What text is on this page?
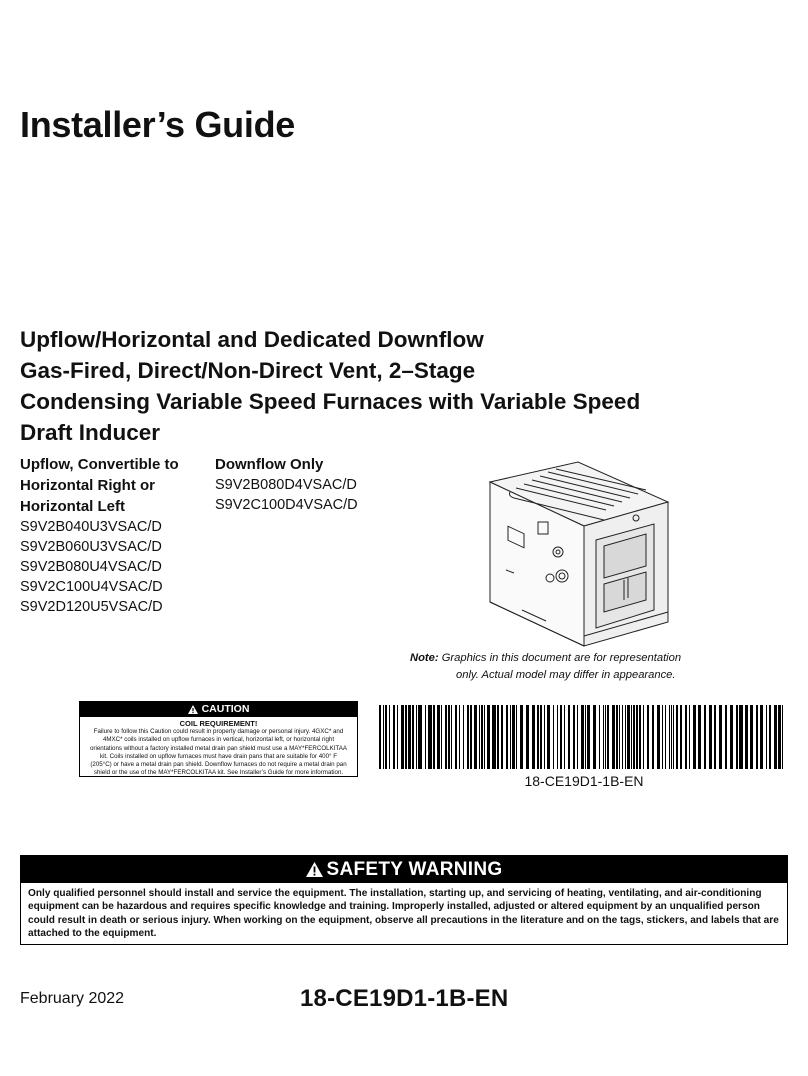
Installer’s Guide
Upflow/Horizontal and Dedicated Downflow
Gas-Fired, Direct/Non-Direct Vent, 2–Stage
Condensing Variable Speed Furnaces with Variable Speed
Draft Inducer
Upflow, Convertible to
Horizontal Right or
Horizontal Left
S9V2B040U3VSAC/D
S9V2B060U3VSAC/D
S9V2B080U4VSAC/D
S9V2C100U4VSAC/D
S9V2D120U5VSAC/D
Downflow Only
S9V2B080D4VSAC/D
S9V2C100D4VSAC/D
Note: Graphics in this document are for representation
only. Actual model may differ in appearance.
CAUTION
COIL REQUIREMENT!
Failure to follow this Caution could result in property damage or personal injury. 4GXC* and
4MXC* coils installed on upflow furnaces in vertical, horizontal left, or horizontal right
orientations without a factory installed metal drain pan shield must use a MAY*FERCOLKITAA
kit. Coils installed on upflow furnaces must have drain pans that are suitable for 400° F
(205°C) or have a metal drain pan shield. Downflow furnaces do not require a metal drain pan
shield or the use of the MAY*FERCOLKITAA kit. See Installer’s Guide for more information.
18-CE19D1-1B-EN
SAFETY WARNING
Only qualified personnel should install and service the equipment. The installation, starting up, and servicing of heating, ventilating, and air-conditioning equipment can be hazardous and requires specific knowledge and training. Improperly installed, adjusted or altered equipment by an unqualified person could result in death or serious injury. When working on the equipment, observe all precautions in the literature and on the tags, stickers, and labels that are attached to the equipment.
February 2022	18-CE19D1-1B-EN
